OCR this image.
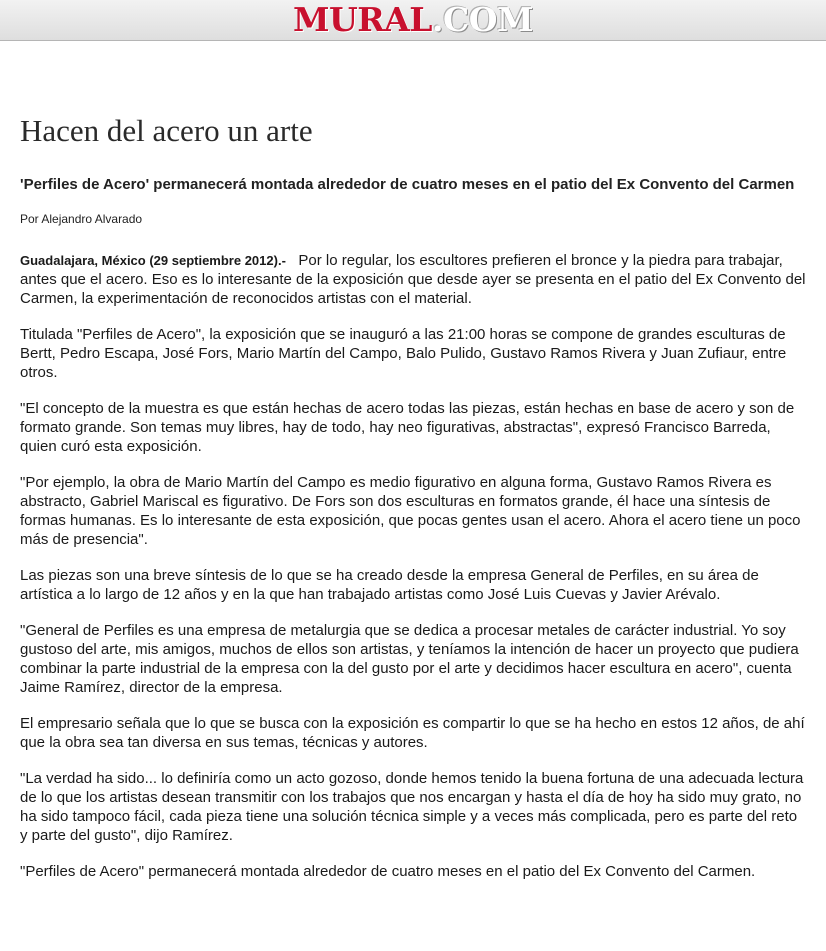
MURAL.COM
Hacen del acero un arte

'Perfiles de Acero' permanecerá montada alrededor de cuatro meses en el patio del Ex Convento del Carmen

Por Alejandro Alvarado

Guadalajara, México (29 septiembre 2012).- Por lo regular, los escultores prefieren el bronce y la piedra para trabajar, antes que el acero. Eso es lo interesante de la exposición que desde ayer se presenta en el patio del Ex Convento del Carmen, la experimentación de reconocidos artistas con el material.

Titulada "Perfiles de Acero", la exposición que se inauguró a las 21:00 horas se compone de grandes esculturas de Bertt, Pedro Escapa, José Fors, Mario Martín del Campo, Balo Pulido, Gustavo Ramos Rivera y Juan Zufiaur, entre otros.

"El concepto de la muestra es que están hechas de acero todas las piezas, están hechas en base de acero y son de formato grande. Son temas muy libres, hay de todo, hay neo figurativas, abstractas", expresó Francisco Barreda, quien curó esta exposición.

"Por ejemplo, la obra de Mario Martín del Campo es medio figurativo en alguna forma, Gustavo Ramos Rivera es abstracto, Gabriel Mariscal es figurativo. De Fors son dos esculturas en formatos grande, él hace una síntesis de formas humanas. Es lo interesante de esta exposición, que pocas gentes usan el acero. Ahora el acero tiene un poco más de presencia".

Las piezas son una breve síntesis de lo que se ha creado desde la empresa General de Perfiles, en su área de artística a lo largo de 12 años y en la que han trabajado artistas como José Luis Cuevas y Javier Arévalo.

"General de Perfiles es una empresa de metalurgia que se dedica a procesar metales de carácter industrial. Yo soy gustoso del arte, mis amigos, muchos de ellos son artistas, y teníamos la intención de hacer un proyecto que pudiera combinar la parte industrial de la empresa con la del gusto por el arte y decidimos hacer escultura en acero", cuenta Jaime Ramírez, director de la empresa.

El empresario señala que lo que se busca con la exposición es compartir lo que se ha hecho en estos 12 años, de ahí que la obra sea tan diversa en sus temas, técnicas y autores.

"La verdad ha sido... lo definiría como un acto gozoso, donde hemos tenido la buena fortuna de una adecuada lectura de lo que los artistas desean transmitir con los trabajos que nos encargan y hasta el día de hoy ha sido muy grato, no ha sido tampoco fácil, cada pieza tiene una solución técnica simple y a veces más complicada, pero es parte del reto y parte del gusto", dijo Ramírez.

"Perfiles de Acero" permanecerá montada alrededor de cuatro meses en el patio del Ex Convento del Carmen.
